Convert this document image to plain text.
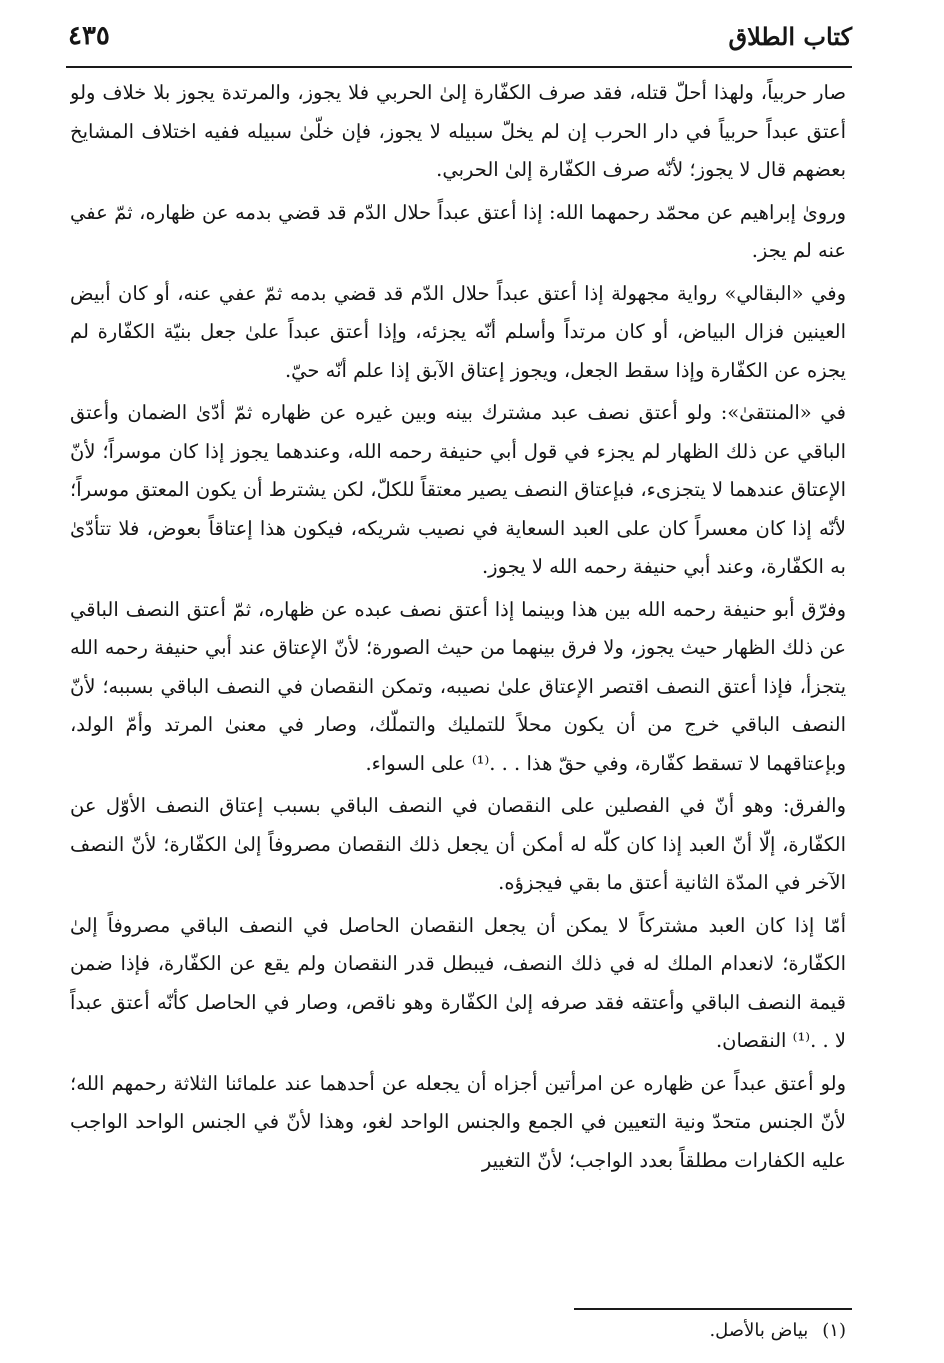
كتاب الطلاق
٤٣٥

صار حربياً، ولهذا أحلّ قتله، فقد صرف الكفّارة إلىٰ الحربي فلا يجوز، والمرتدة يجوز بلا خلاف ولو أعتق عبداً حربياً في دار الحرب إن لم يخلّ سبيله لا يجوز، فإن خلّىٰ سبيله ففيه اختلاف المشايخ بعضهم قال لا يجوز؛ لأنّه صرف الكفّارة إلىٰ الحربي.

ورویٰ إبراهيم عن محمّد رحمهما الله: إذا أعتق عبداً حلال الدّم قد قضي بدمه عن ظهاره، ثمّ عفي عنه لم يجز.

وفي «البقالي» رواية مجهولة إذا أعتق عبداً حلال الدّم قد قضي بدمه ثمّ عفي عنه، أو كان أبيض العينين فزال البياض، أو كان مرتداً وأسلم أنّه يجزئه، وإذا أعتق عبداً علىٰ جعل بنيّة الكفّارة لم يجزه عن الكفّارة وإذا سقط الجعل، ويجوز إعتاق الآبق إذا علم أنّه حيّ.

في «المنتقیٰ»: ولو أعتق نصف عبد مشترك بينه وبين غيره عن ظهاره ثمّ أدّىٰ الضمان وأعتق الباقي عن ذلك الظهار لم يجزء في قول أبي حنيفة رحمه الله، وعندهما يجوز إذا كان موسراً؛ لأنّ الإعتاق عندهما لا يتجزىء، فبإعتاق النصف يصير معتقاً للكلّ، لكن يشترط أن يكون المعتق موسراً؛ لأنّه إذا كان معسراً كان على العبد السعاية في نصيب شريكه، فيكون هذا إعتاقاً بعوض، فلا تتأدّىٰ به الكفّارة، وعند أبي حنيفة رحمه الله لا يجوز.

وفرّق أبو حنيفة رحمه الله بين هذا وبينما إذا أعتق نصف عبده عن ظهاره، ثمّ أعتق النصف الباقي عن ذلك الظهار حيث يجوز، ولا فرق بينهما من حيث الصورة؛ لأنّ الإعتاق عند أبي حنيفة رحمه الله يتجزأ، فإذا أعتق النصف اقتصر الإعتاق علىٰ نصيبه، وتمكن النقصان في النصف الباقي بسببه؛ لأنّ النصف الباقي خرج من أن يكون محلاً للتمليك والتملّك، وصار في معنىٰ المرتد وأمّ الولد، وبإعتاقهما لا تسقط كفّارة، وفي حقّ هذا . . .⁽¹⁾ على السواء.

والفرق: وهو أنّ في الفصلين على النقصان في النصف الباقي بسبب إعتاق النصف الأوّل عن الكفّارة، إلّا أنّ العبد إذا كان كلّه له أمكن أن يجعل ذلك النقصان مصروفاً إلىٰ الكفّارة؛ لأنّ النصف الآخر في المدّة الثانية أعتق ما بقي فيجزؤه.

أمّا إذا كان العبد مشتركاً لا يمكن أن يجعل النقصان الحاصل في النصف الباقي مصروفاً إلىٰ الكفّارة؛ لانعدام الملك له في ذلك النصف، فيبطل قدر النقصان ولم يقع عن الكفّارة، فإذا ضمن قيمة النصف الباقي وأعتقه فقد صرفه إلىٰ الكفّارة وهو ناقص، وصار في الحاصل كأنّه أعتق عبداً لا . .⁽¹⁾ النقصان.

ولو أعتق عبداً عن ظهاره عن امرأتين أجزاه أن يجعله عن أحدهما عند علمائنا الثلاثة رحمهم الله؛ لأنّ الجنس متحدّ ونية التعيين في الجمع والجنس الواحد لغو، وهذا لأنّ في الجنس الواحد الواجب عليه الكفارات مطلقاً بعدد الواجب؛ لأنّ التغيير

(١)بياض بالأصل.
